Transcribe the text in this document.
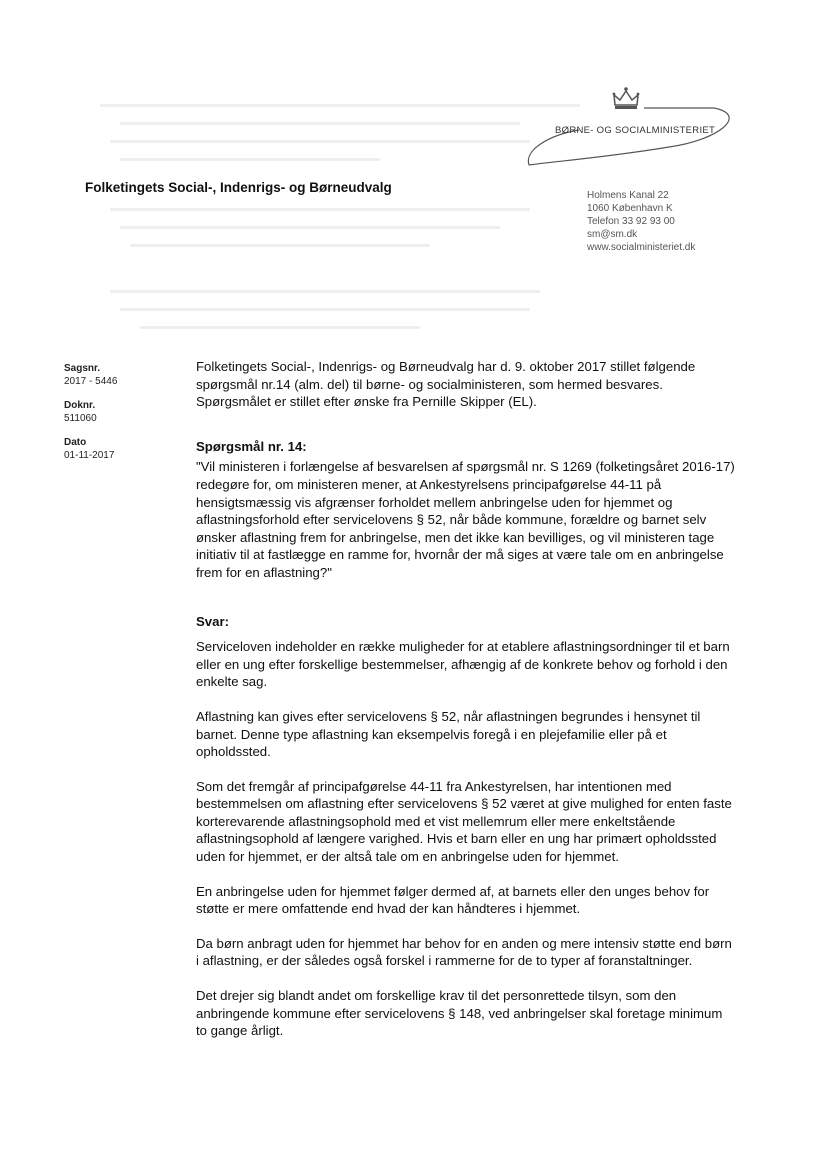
BØRNE- OG SOCIALMINISTERIET
Folketingets Social-, Indenrigs- og Børneudvalg
Holmens Kanal 22
1060 København K
Telefon 33 92 93 00
sm@sm.dk
www.socialministeriet.dk
Sagsnr.
2017 - 5446
Doknr.
511060
Dato
01-11-2017

Folketingets Social-, Indenrigs- og Børneudvalg har d. 9. oktober 2017 stillet følgende spørgsmål nr.14 (alm. del) til børne- og socialministeren, som hermed besvares. Spørgsmålet er stillet efter ønske fra Pernille Skipper (EL).

Spørgsmål nr. 14:

"Vil ministeren i forlængelse af besvarelsen af spørgsmål nr. S 1269 (folketingsåret 2016-17) redegøre for, om ministeren mener, at Ankestyrelsens principafgørelse 44-11 på hensigtsmæssig vis afgrænser forholdet mellem anbringelse uden for hjemmet og aflastningsforhold efter servicelovens § 52, når både kommune, forældre og barnet selv ønsker aflastning frem for anbringelse, men det ikke kan bevilliges, og vil ministeren tage initiativ til at fastlægge en ramme for, hvornår der må siges at være tale om en anbringelse frem for en aflastning?"

Svar:

Serviceloven indeholder en række muligheder for at etablere aflastningsordninger til et barn eller en ung efter forskellige bestemmelser, afhængig af de konkrete behov og forhold i den enkelte sag.

Aflastning kan gives efter servicelovens § 52, når aflastningen begrundes i hensynet til barnet. Denne type aflastning kan eksempelvis foregå i en plejefamilie eller på et opholdssted.

Som det fremgår af principafgørelse 44-11 fra Ankestyrelsen, har intentionen med bestemmelsen om aflastning efter servicelovens § 52 været at give mulighed for enten faste korterevarende aflastningsophold med et vist mellemrum eller mere enkeltstående aflastningsophold af længere varighed. Hvis et barn eller en ung har primært opholdssted uden for hjemmet, er der altså tale om en anbringelse uden for hjemmet.

En anbringelse uden for hjemmet følger dermed af, at barnets eller den unges behov for støtte er mere omfattende end hvad der kan håndteres i hjemmet.

Da børn anbragt uden for hjemmet har behov for en anden og mere intensiv støtte end børn i aflastning, er der således også forskel i rammerne for de to typer af foranstaltninger.

Det drejer sig blandt andet om forskellige krav til det personrettede tilsyn, som den anbringende kommune efter servicelovens § 148, ved anbringelser skal foretage minimum to gange årligt.
